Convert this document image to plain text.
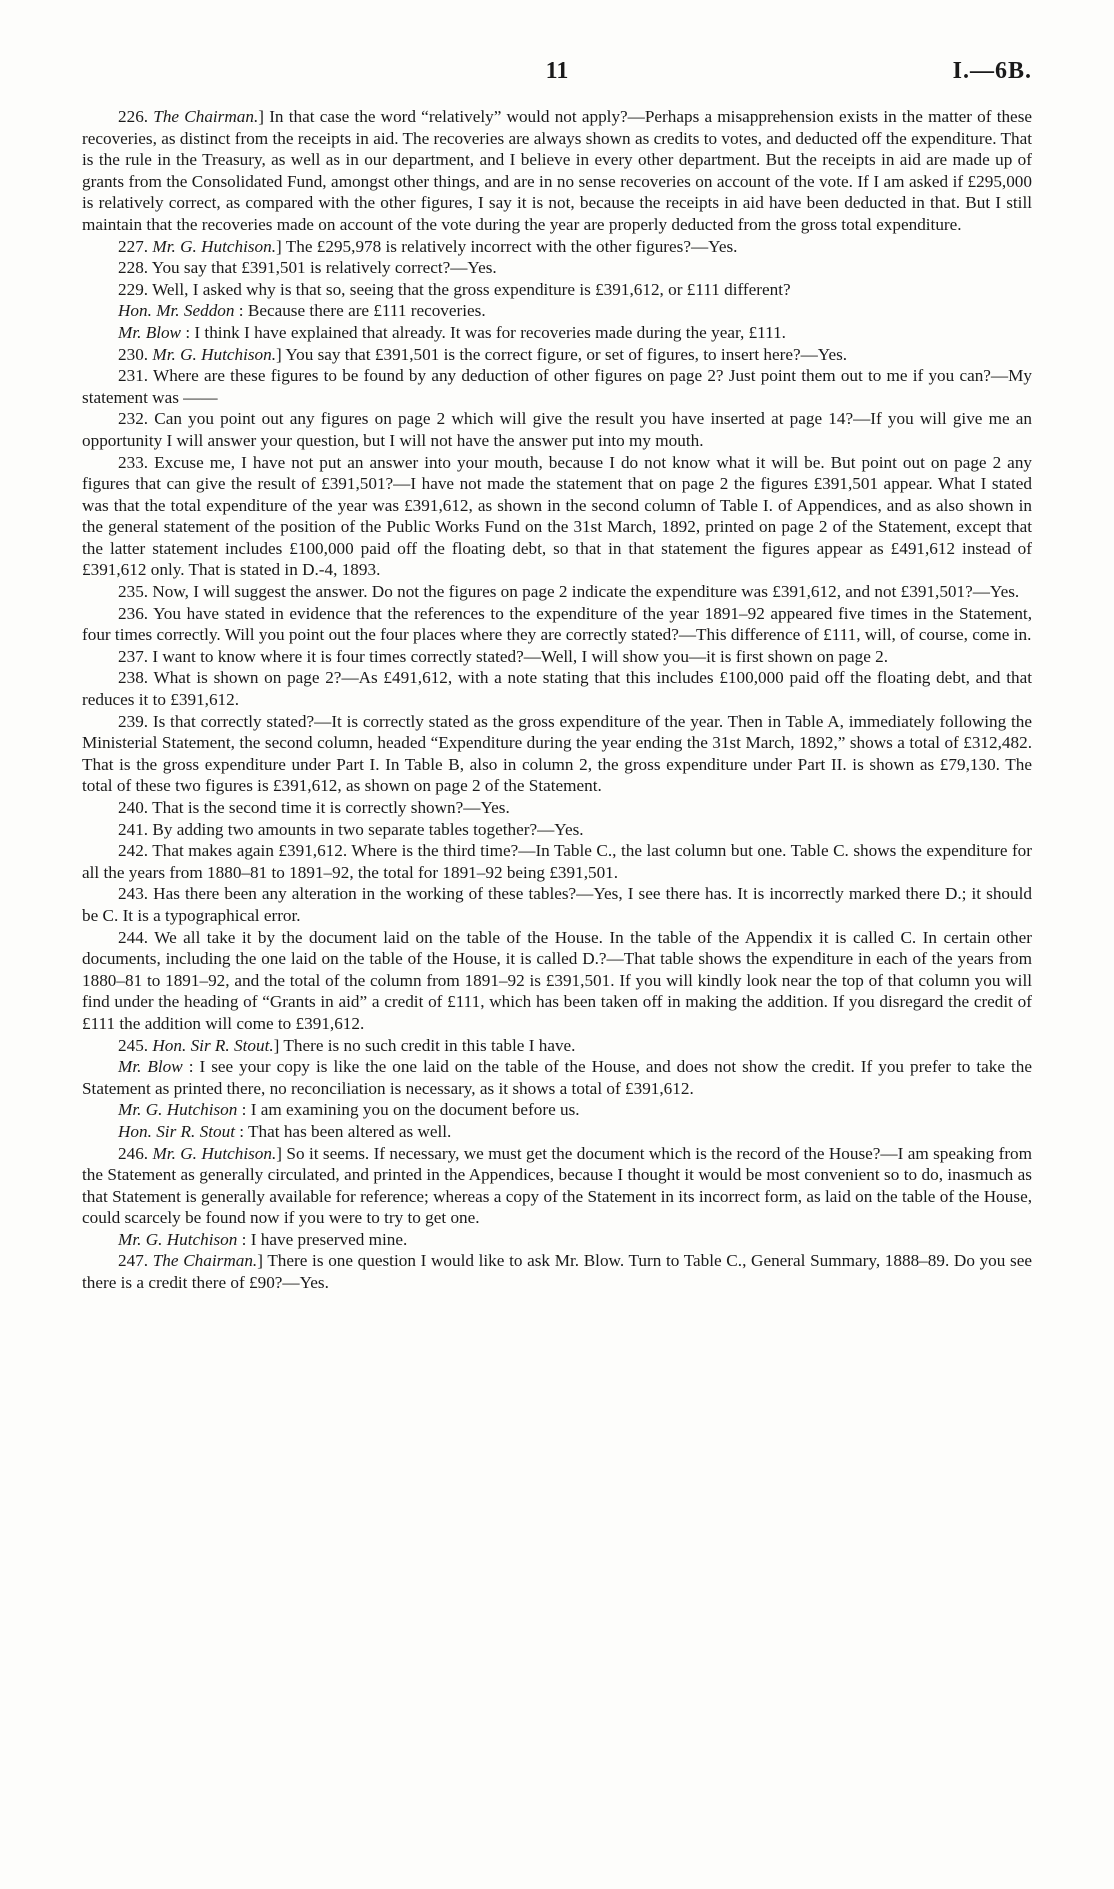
11	I.—6B.

226. The Chairman.] In that case the word “relatively” would not apply?—Perhaps a misapprehension exists in the matter of these recoveries, as distinct from the receipts in aid. The recoveries are always shown as credits to votes, and deducted off the expenditure. That is the rule in the Treasury, as well as in our department, and I believe in every other department. But the receipts in aid are made up of grants from the Consolidated Fund, amongst other things, and are in no sense recoveries on account of the vote. If I am asked if £295,000 is relatively correct, as compared with the other figures, I say it is not, because the receipts in aid have been deducted in that. But I still maintain that the recoveries made on account of the vote during the year are properly deducted from the gross total expenditure.

227. Mr. G. Hutchison.] The £295,978 is relatively incorrect with the other figures?—Yes.

228. You say that £391,501 is relatively correct?—Yes.

229. Well, I asked why is that so, seeing that the gross expenditure is £391,612, or £111 different?

Hon. Mr. Seddon : Because there are £111 recoveries.

Mr. Blow : I think I have explained that already. It was for recoveries made during the year, £111.

230. Mr. G. Hutchison.] You say that £391,501 is the correct figure, or set of figures, to insert here?—Yes.

231. Where are these figures to be found by any deduction of other figures on page 2? Just point them out to me if you can?—My statement was ——

232. Can you point out any figures on page 2 which will give the result you have inserted at page 14?—If you will give me an opportunity I will answer your question, but I will not have the answer put into my mouth.

233. Excuse me, I have not put an answer into your mouth, because I do not know what it will be. But point out on page 2 any figures that can give the result of £391,501?—I have not made the statement that on page 2 the figures £391,501 appear. What I stated was that the total expenditure of the year was £391,612, as shown in the second column of Table I. of Appendices, and as also shown in the general statement of the position of the Public Works Fund on the 31st March, 1892, printed on page 2 of the Statement, except that the latter statement includes £100,000 paid off the floating debt, so that in that statement the figures appear as £491,612 instead of £391,612 only. That is stated in D.-4, 1893.

235. Now, I will suggest the answer. Do not the figures on page 2 indicate the expenditure was £391,612, and not £391,501?—Yes.

236. You have stated in evidence that the references to the expenditure of the year 1891–92 appeared five times in the Statement, four times correctly. Will you point out the four places where they are correctly stated?—This difference of £111, will, of course, come in.

237. I want to know where it is four times correctly stated?—Well, I will show you—it is first shown on page 2.

238. What is shown on page 2?—As £491,612, with a note stating that this includes £100,000 paid off the floating debt, and that reduces it to £391,612.

239. Is that correctly stated?—It is correctly stated as the gross expenditure of the year. Then in Table A, immediately following the Ministerial Statement, the second column, headed “Expenditure during the year ending the 31st March, 1892,” shows a total of £312,482. That is the gross expenditure under Part I. In Table B, also in column 2, the gross expenditure under Part II. is shown as £79,130. The total of these two figures is £391,612, as shown on page 2 of the Statement.

240. That is the second time it is correctly shown?—Yes.

241. By adding two amounts in two separate tables together?—Yes.

242. That makes again £391,612. Where is the third time?—In Table C., the last column but one. Table C. shows the expenditure for all the years from 1880–81 to 1891–92, the total for 1891–92 being £391,501.

243. Has there been any alteration in the working of these tables?—Yes, I see there has. It is incorrectly marked there D.; it should be C. It is a typographical error.

244. We all take it by the document laid on the table of the House. In the table of the Appendix it is called C. In certain other documents, including the one laid on the table of the House, it is called D.?—That table shows the expenditure in each of the years from 1880–81 to 1891–92, and the total of the column from 1891–92 is £391,501. If you will kindly look near the top of that column you will find under the heading of “Grants in aid” a credit of £111, which has been taken off in making the addition. If you disregard the credit of £111 the addition will come to £391,612.

245. Hon. Sir R. Stout.] There is no such credit in this table I have.

Mr. Blow : I see your copy is like the one laid on the table of the House, and does not show the credit. If you prefer to take the Statement as printed there, no reconciliation is necessary, as it shows a total of £391,612.

Mr. G. Hutchison : I am examining you on the document before us.

Hon. Sir R. Stout : That has been altered as well.

246. Mr. G. Hutchison.] So it seems. If necessary, we must get the document which is the record of the House?—I am speaking from the Statement as generally circulated, and printed in the Appendices, because I thought it would be most convenient so to do, inasmuch as that Statement is generally available for reference; whereas a copy of the Statement in its incorrect form, as laid on the table of the House, could scarcely be found now if you were to try to get one.

Mr. G. Hutchison : I have preserved mine.

247. The Chairman.] There is one question I would like to ask Mr. Blow. Turn to Table C., General Summary, 1888–89. Do you see there is a credit there of £90?—Yes.
